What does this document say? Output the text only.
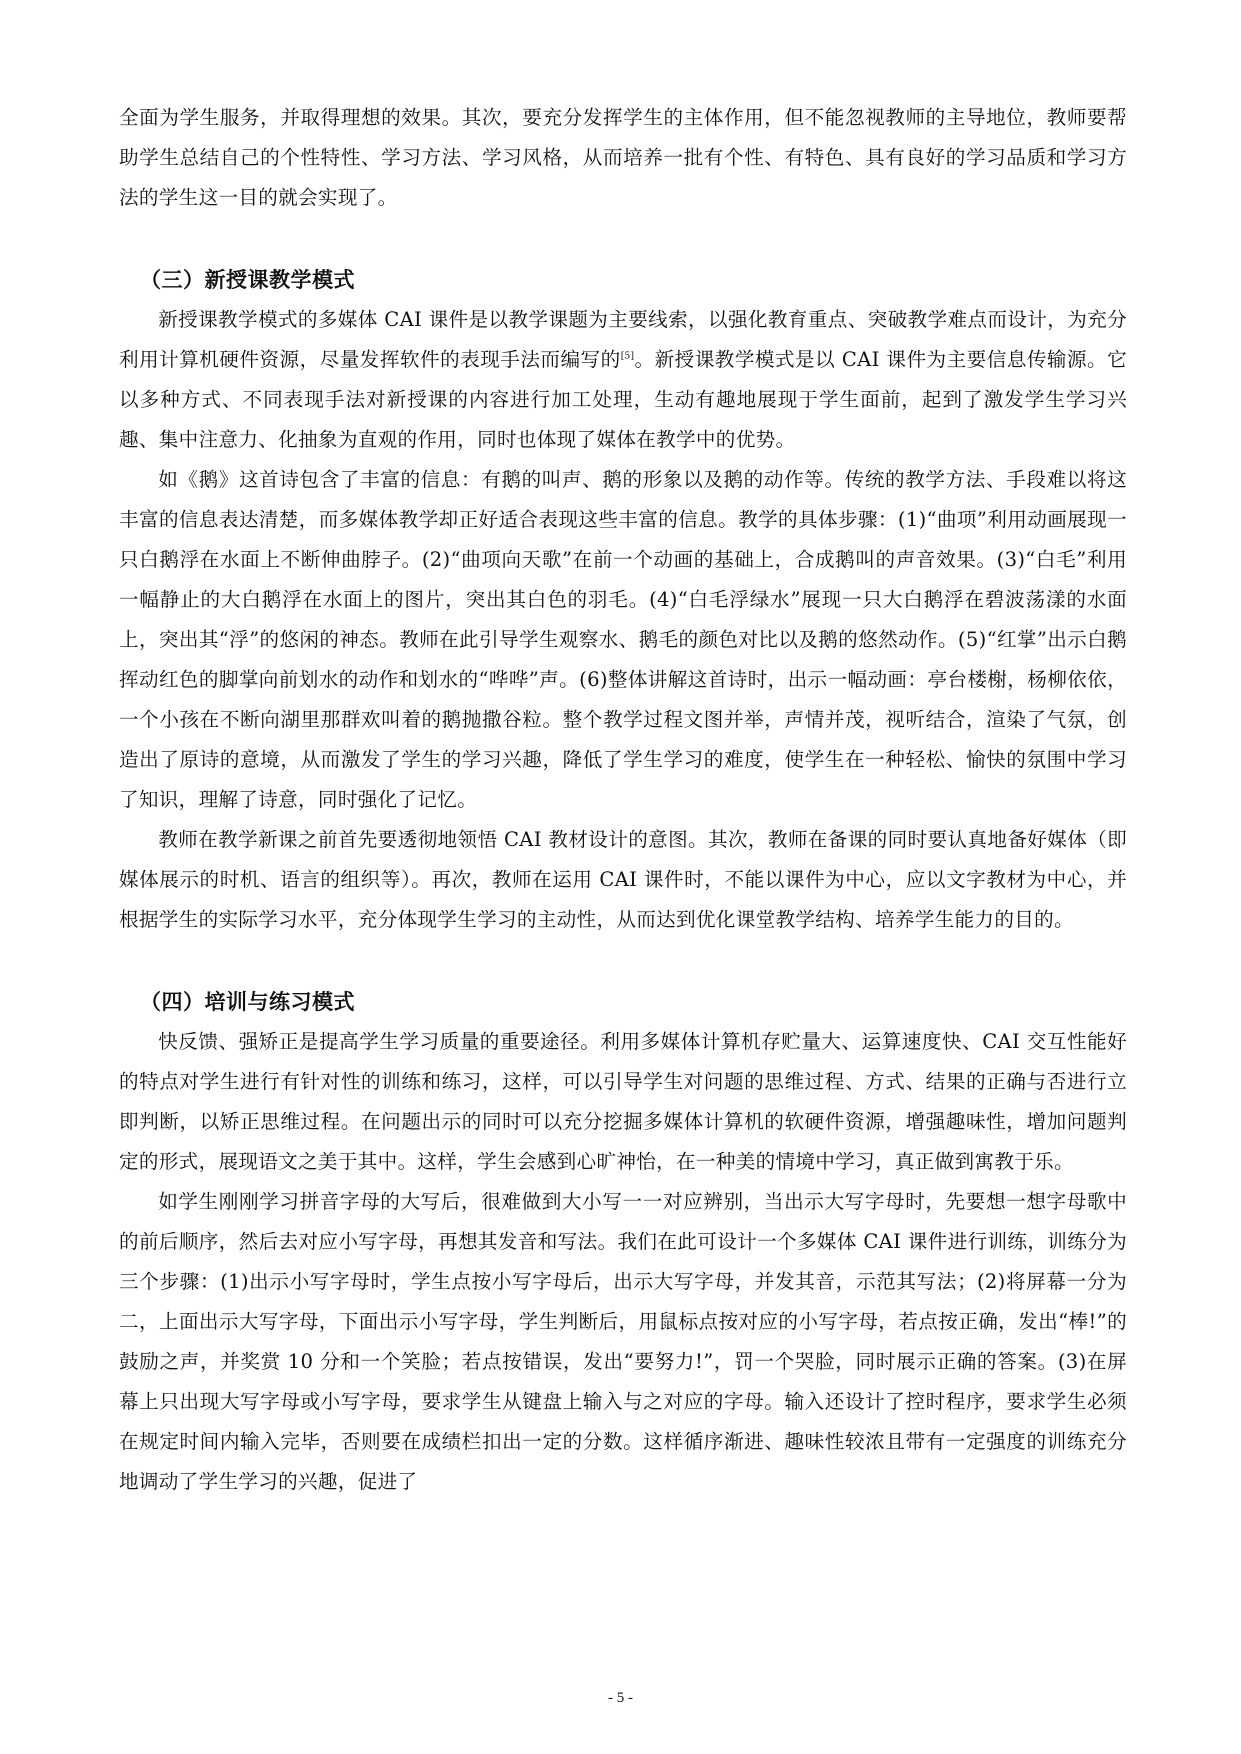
全面为学生服务，并取得理想的效果。其次，要充分发挥学生的主体作用，但不能忽视教师的主导地位，教师要帮助学生总结自己的个性特性、学习方法、学习风格，从而培养一批有个性、有特色、具有良好的学习品质和学习方法的学生这一目的就会实现了。

（三）新授课教学模式

新授课教学模式的多媒体 CAI 课件是以教学课题为主要线索，以强化教育重点、突破教学难点而设计，为充分利用计算机硬件资源，尽量发挥软件的表现手法而编写的[5]。新授课教学模式是以 CAI 课件为主要信息传输源。它以多种方式、不同表现手法对新授课的内容进行加工处理，生动有趣地展现于学生面前，起到了激发学生学习兴趣、集中注意力、化抽象为直观的作用，同时也体现了媒体在教学中的优势。

如《鹅》这首诗包含了丰富的信息：有鹅的叫声、鹅的形象以及鹅的动作等。传统的教学方法、手段难以将这丰富的信息表达清楚，而多媒体教学却正好适合表现这些丰富的信息。教学的具体步骤：(1)“曲项”利用动画展现一只白鹅浮在水面上不断伸曲脖子。(2)“曲项向天歌”在前一个动画的基础上，合成鹅叫的声音效果。(3)“白毛”利用一幅静止的大白鹅浮在水面上的图片，突出其白色的羽毛。(4)“白毛浮绿水”展现一只大白鹅浮在碧波荡漾的水面上，突出其“浮”的悠闲的神态。教师在此引导学生观察水、鹅毛的颜色对比以及鹅的悠然动作。(5)“红掌”出示白鹅挥动红色的脚掌向前划水的动作和划水的“哗哗”声。(6)整体讲解这首诗时，出示一幅动画：亭台楼榭，杨柳依依，一个小孩在不断向湖里那群欢叫着的鹅抛撒谷粒。整个教学过程文图并举，声情并茂，视听结合，渲染了气氛，创造出了原诗的意境，从而激发了学生的学习兴趣，降低了学生学习的难度，使学生在一种轻松、愉快的氛围中学习了知识，理解了诗意，同时强化了记忆。

教师在教学新课之前首先要透彻地领悟 CAI 教材设计的意图。其次，教师在备课的同时要认真地备好媒体（即媒体展示的时机、语言的组织等）。再次，教师在运用 CAI 课件时，不能以课件为中心，应以文字教材为中心，并根据学生的实际学习水平，充分体现学生学习的主动性，从而达到优化课堂教学结构、培养学生能力的目的。

（四）培训与练习模式

快反馈、强矫正是提高学生学习质量的重要途径。利用多媒体计算机存贮量大、运算速度快、CAI 交互性能好的特点对学生进行有针对性的训练和练习，这样，可以引导学生对问题的思维过程、方式、结果的正确与否进行立即判断，以矫正思维过程。在问题出示的同时可以充分挖掘多媒体计算机的软硬件资源，增强趣味性，增加问题判定的形式，展现语文之美于其中。这样，学生会感到心旷神怡，在一种美的情境中学习，真正做到寓教于乐。

如学生刚刚学习拼音字母的大写后，很难做到大小写一一对应辨别，当出示大写字母时，先要想一想字母歌中的前后顺序，然后去对应小写字母，再想其发音和写法。我们在此可设计一个多媒体 CAI 课件进行训练，训练分为三个步骤：(1)出示小写字母时，学生点按小写字母后，出示大写字母，并发其音，示范其写法；(2)将屏幕一分为二，上面出示大写字母，下面出示小写字母，学生判断后，用鼠标点按对应的小写字母，若点按正确，发出“棒!”的鼓励之声，并奖赏 10 分和一个笑脸；若点按错误，发出“要努力!”，罚一个哭脸，同时展示正确的答案。(3)在屏幕上只出现大写字母或小写字母，要求学生从键盘上输入与之对应的字母。输入还设计了控时程序，要求学生必须在规定时间内输入完毕，否则要在成绩栏扣出一定的分数。这样循序渐进、趣味性较浓且带有一定强度的训练充分地调动了学生学习的兴趣，促进了

- 5 -
